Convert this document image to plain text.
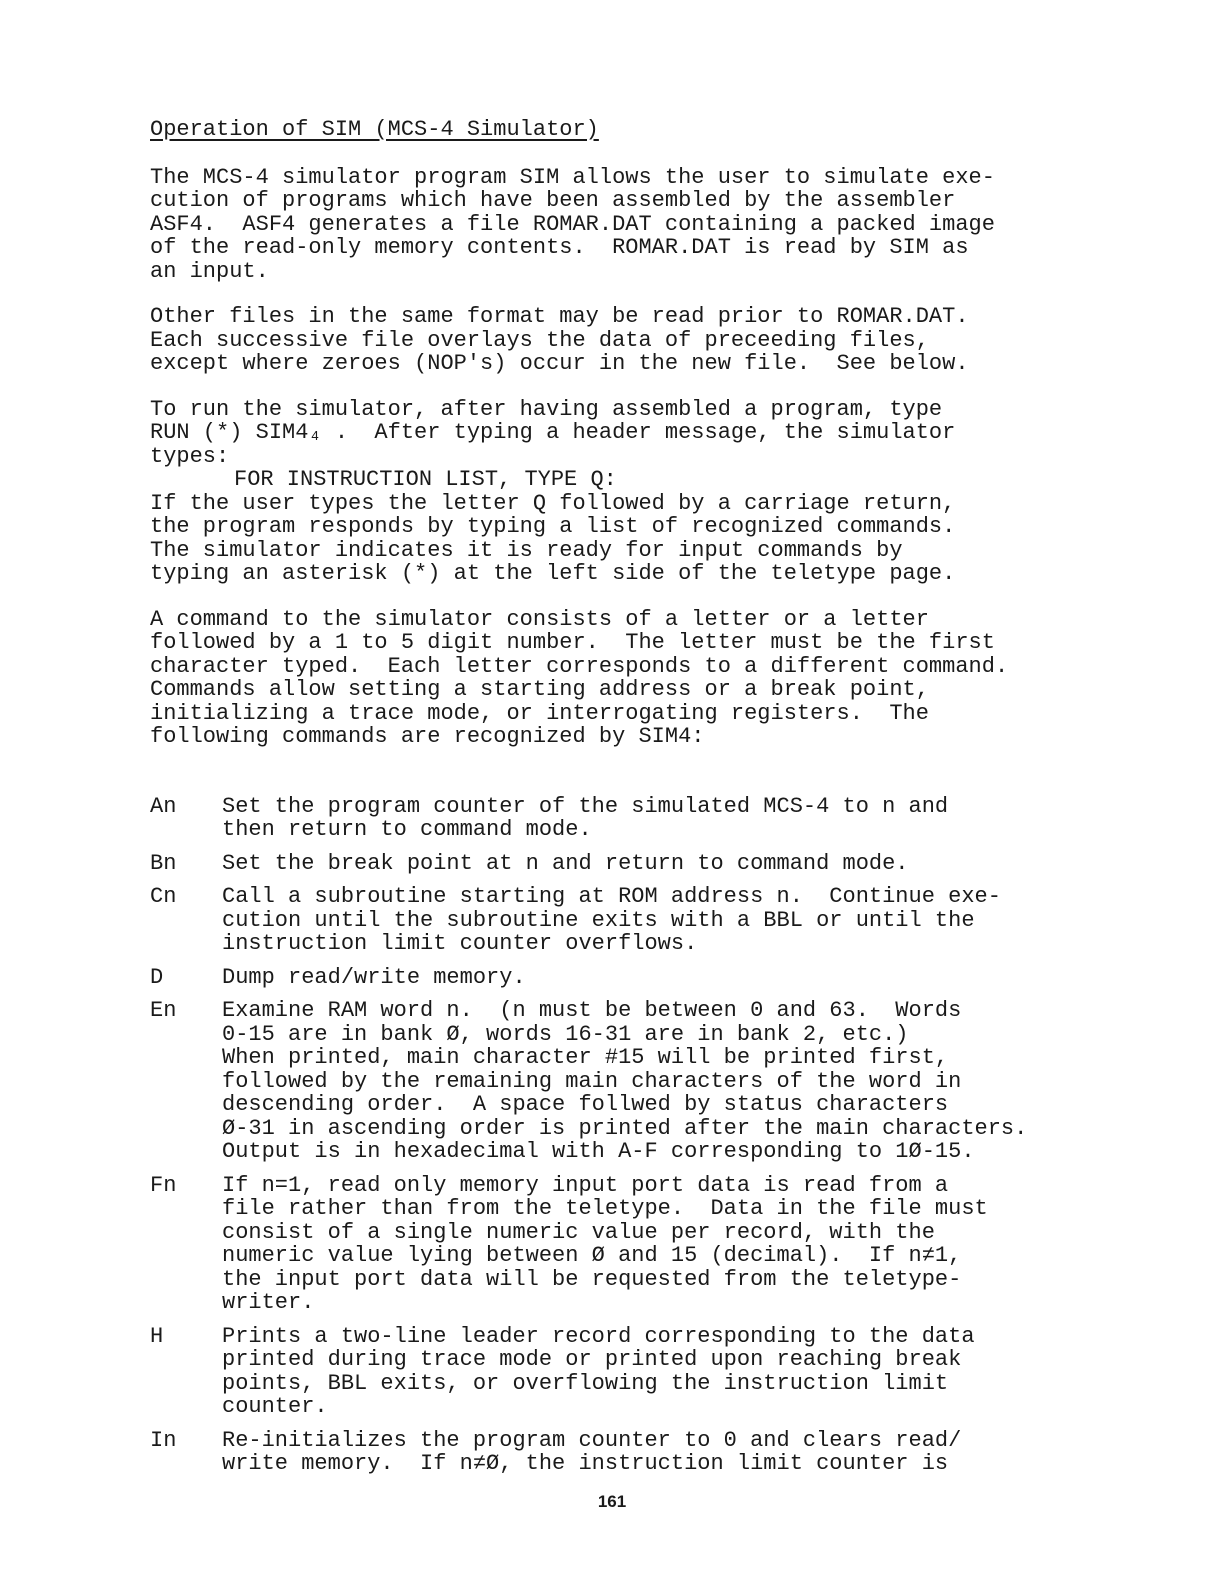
Operation of SIM (MCS-4 Simulator)
The MCS-4 simulator program SIM allows the user to simulate exe-
cution of programs which have been assembled by the assembler
ASF4.  ASF4 generates a file ROMAR.DAT containing a packed image
of the read-only memory contents.  ROMAR.DAT is read by SIM as
an input.
Other files in the same format may be read prior to ROMAR.DAT.
Each successive file overlays the data of preceeding files,
except where zeroes (NOP's) occur in the new file.  See below.
To run the simulator, after having assembled a program, type
RUN (*) SIM4₄ .  After typing a header message, the simulator
types:
FOR INSTRUCTION LIST, TYPE Q:
If the user types the letter Q followed by a carriage return,
the program responds by typing a list of recognized commands.
The simulator indicates it is ready for input commands by
typing an asterisk (*) at the left side of the teletype page.
A command to the simulator consists of a letter or a letter
followed by a 1 to 5 digit number.  The letter must be the first
character typed.  Each letter corresponds to a different command.
Commands allow setting a starting address or a break point,
initializing a trace mode, or interrogating registers.  The
following commands are recognized by SIM4:
An	Set the program counter of the simulated MCS-4 to n and
then return to command mode.
Bn	Set the break point at n and return to command mode.
Cn	Call a subroutine starting at ROM address n.  Continue exe-
cution until the subroutine exits with a BBL or until the
instruction limit counter overflows.
D	Dump read/write memory.
En	Examine RAM word n.  (n must be between 0 and 63.  Words
0-15 are in bank Ø, words 16-31 are in bank 2, etc.)
When printed, main character #15 will be printed first,
followed by the remaining main characters of the word in
descending order.  A space follwed by status characters
Ø-31 in ascending order is printed after the main characters.
Output is in hexadecimal with A-F corresponding to 1Ø-15.
Fn	If n=1, read only memory input port data is read from a
file rather than from the teletype.  Data in the file must
consist of a single numeric value per record, with the
numeric value lying between Ø and 15 (decimal).  If n≠1,
the input port data will be requested from the teletype-
writer.
H	Prints a two-line leader record corresponding to the data
printed during trace mode or printed upon reaching break
points, BBL exits, or overflowing the instruction limit
counter.
In	Re-initializes the program counter to 0 and clears read/
write memory.  If n≠Ø, the instruction limit counter is
161
